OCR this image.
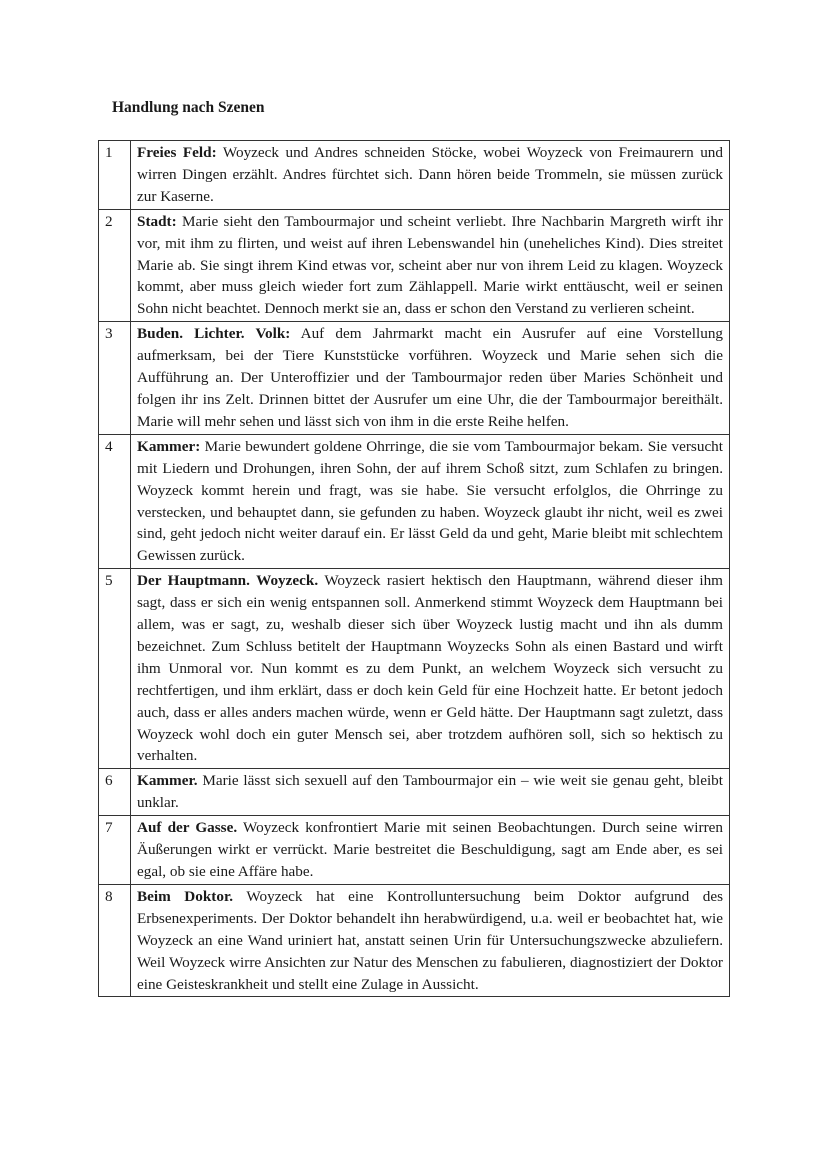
Handlung nach Szenen
1	Freies Feld: Woyzeck und Andres schneiden Stöcke, wobei Woyzeck von Freimaurern und wirren Dingen erzählt. Andres fürchtet sich. Dann hören beide Trommeln, sie müssen zurück zur Kaserne.
2	Stadt: Marie sieht den Tambourmajor und scheint verliebt. Ihre Nachbarin Margreth wirft ihr vor, mit ihm zu flirten, und weist auf ihren Lebenswandel hin (uneheliches Kind). Dies streitet Marie ab. Sie singt ihrem Kind etwas vor, scheint aber nur von ihrem Leid zu klagen. Woyzeck kommt, aber muss gleich wieder fort zum Zählappell. Marie wirkt enttäuscht, weil er seinen Sohn nicht beachtet. Dennoch merkt sie an, dass er schon den Verstand zu verlieren scheint.
3	Buden. Lichter. Volk: Auf dem Jahrmarkt macht ein Ausrufer auf eine Vorstellung aufmerksam, bei der Tiere Kunststücke vorführen. Woyzeck und Marie sehen sich die Aufführung an. Der Unteroffizier und der Tambourmajor reden über Maries Schönheit und folgen ihr ins Zelt. Drinnen bittet der Ausrufer um eine Uhr, die der Tambourmajor bereithält. Marie will mehr sehen und lässt sich von ihm in die erste Reihe helfen.
4	Kammer: Marie bewundert goldene Ohrringe, die sie vom Tambourmajor bekam. Sie versucht mit Liedern und Drohungen, ihren Sohn, der auf ihrem Schoß sitzt, zum Schlafen zu bringen. Woyzeck kommt herein und fragt, was sie habe. Sie versucht erfolglos, die Ohrringe zu verstecken, und behauptet dann, sie gefunden zu haben. Woyzeck glaubt ihr nicht, weil es zwei sind, geht jedoch nicht weiter darauf ein. Er lässt Geld da und geht, Marie bleibt mit schlechtem Gewissen zurück.
5	Der Hauptmann. Woyzeck. Woyzeck rasiert hektisch den Hauptmann, während dieser ihm sagt, dass er sich ein wenig entspannen soll. Anmerkend stimmt Woyzeck dem Hauptmann bei allem, was er sagt, zu, weshalb dieser sich über Woyzeck lustig macht und ihn als dumm bezeichnet. Zum Schluss betitelt der Hauptmann Woyzecks Sohn als einen Bastard und wirft ihm Unmoral vor. Nun kommt es zu dem Punkt, an welchem Woyzeck sich versucht zu rechtfertigen, und ihm erklärt, dass er doch kein Geld für eine Hochzeit hatte. Er betont jedoch auch, dass er alles anders machen würde, wenn er Geld hätte. Der Hauptmann sagt zuletzt, dass Woyzeck wohl doch ein guter Mensch sei, aber trotzdem aufhören soll, sich so hektisch zu verhalten.
6	Kammer. Marie lässt sich sexuell auf den Tambourmajor ein – wie weit sie genau geht, bleibt unklar.
7	Auf der Gasse. Woyzeck konfrontiert Marie mit seinen Beobachtungen. Durch seine wirren Äußerungen wirkt er verrückt. Marie bestreitet die Beschuldigung, sagt am Ende aber, es sei egal, ob sie eine Affäre habe.
8	Beim Doktor. Woyzeck hat eine Kontrolluntersuchung beim Doktor aufgrund des Erbsenexperiments. Der Doktor behandelt ihn herabwürdigend, u.a. weil er beobachtet hat, wie Woyzeck an eine Wand uriniert hat, anstatt seinen Urin für Untersuchungszwecke abzuliefern. Weil Woyzeck wirre Ansichten zur Natur des Menschen zu fabulieren, diagnostiziert der Doktor eine Geisteskrankheit und stellt eine Zulage in Aussicht.
